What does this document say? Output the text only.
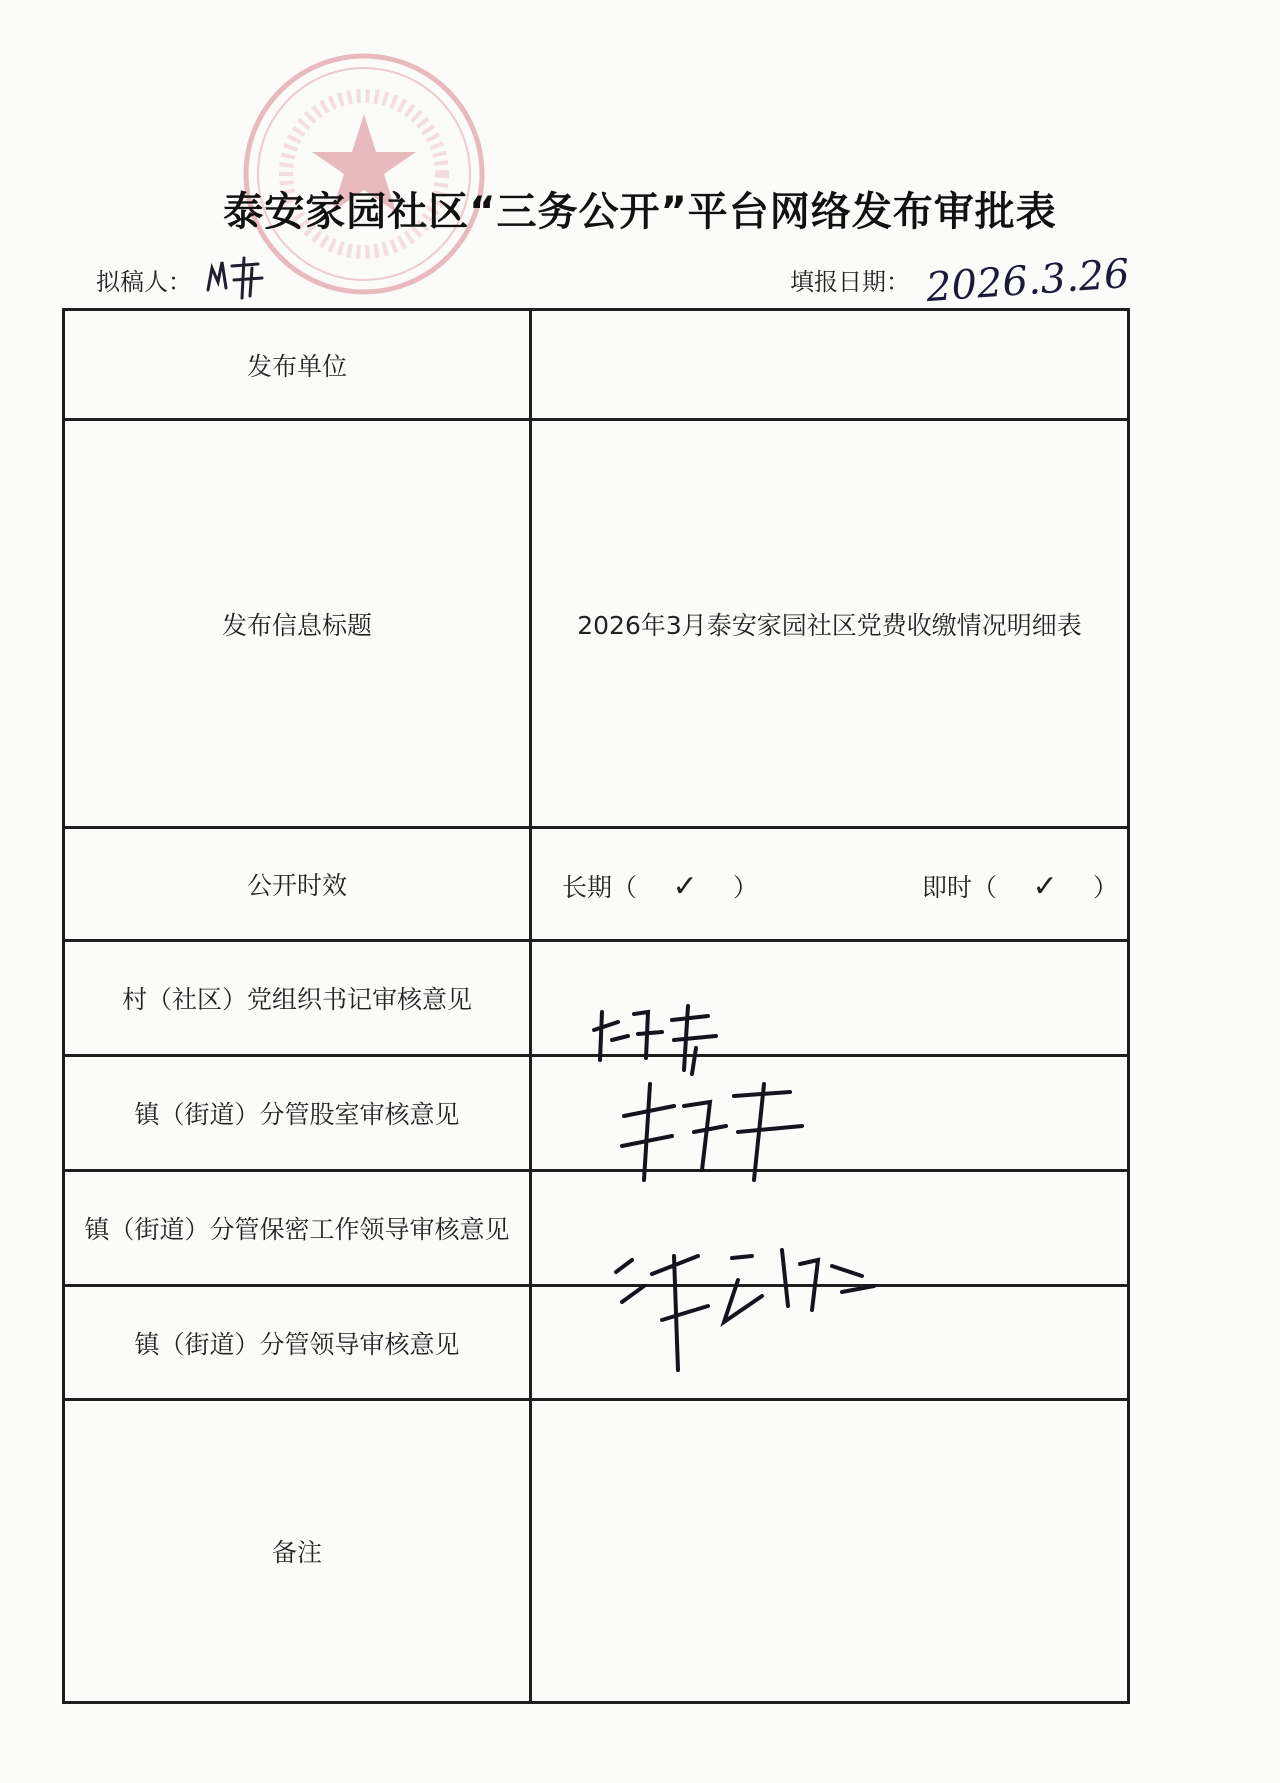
泰安家园社区“三务公开”平台网络发布审批表
拟稿人：	填报日期： 2026.3.26
发布单位	
发布信息标题	2026年3月泰安家园社区党费收缴情况明细表
公开时效	长期（ ✓ ） 即时（ ✓ ）

村（社区）党组织书记审核意见	
镇（街道）分管股室审核意见	
镇（街道）分管保密工作领导审核意见	
镇（街道）分管领导审核意见	
备注	
